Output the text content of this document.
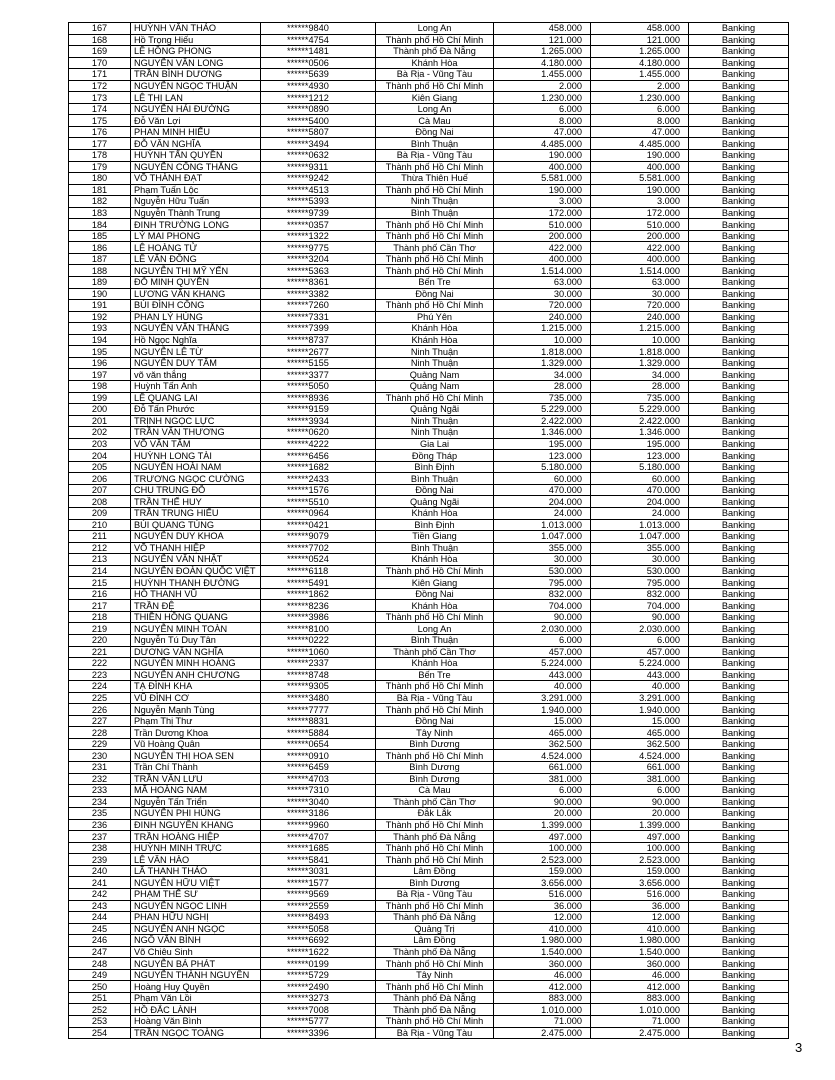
167	HUỲNH VĂN THẢO	******9840	Long An	458.000	458.000	Banking
168	Hồ Trọng Hiếu	******4754	Thành phố Hồ Chí Minh	121.000	121.000	Banking
169	LÊ HỒNG PHONG	******1481	Thành phố Đà Nẵng	1.265.000	1.265.000	Banking
170	NGUYỄN VĂN LONG	******0506	Khánh Hòa	4.180.000	4.180.000	Banking
171	TRẦN BÌNH DƯƠNG	******5639	Bà Rịa - Vũng Tàu	1.455.000	1.455.000	Banking
172	NGUYỄN NGỌC THUẬN	******4930	Thành phố Hồ Chí Minh	2.000	2.000	Banking
173	LÊ THỊ LAN	******1212	Kiên Giang	1.230.000	1.230.000	Banking
174	NGUYỄN HẢI ĐƯỜNG	******0890	Long An	6.000	6.000	Banking
175	Đỗ Văn Lợi	******5400	Cà Mau	8.000	8.000	Banking
176	PHAN MINH HIẾU	******5807	Đồng Nai	47.000	47.000	Banking
177	ĐỖ VĂN NGHĨA	******3494	Bình Thuận	4.485.000	4.485.000	Banking
178	HUỲNH TẤN QUYỀN	******0632	Bà Rịa - Vũng Tàu	190.000	190.000	Banking
179	NGUYỄN CÔNG THẮNG	******9311	Thành phố Hồ Chí Minh	400.000	400.000	Banking
180	VÕ THÀNH ĐẠT	******9242	Thừa Thiên Huế	5.581.000	5.581.000	Banking
181	Phạm Tuấn Lộc	******4513	Thành phố Hồ Chí Minh	190.000	190.000	Banking
182	Nguyễn Hữu Tuấn	******5393	Ninh Thuận	3.000	3.000	Banking
183	Nguyễn Thành Trung	******9739	Bình Thuận	172.000	172.000	Banking
184	ĐINH TRƯỜNG LONG	******0357	Thành phố Hồ Chí Minh	510.000	510.000	Banking
185	LÝ MAI PHONG	******1322	Thành phố Hồ Chí Minh	200.000	200.000	Banking
186	LÊ HOÀNG TỬ	******9775	Thành phố Cần Thơ	422.000	422.000	Banking
187	LÊ VĂN ĐÔNG	******3204	Thành phố Hồ Chí Minh	400.000	400.000	Banking
188	NGUYỄN THỊ MỸ YẾN	******5363	Thành phố Hồ Chí Minh	1.514.000	1.514.000	Banking
189	ĐỖ MINH QUYỀN	******8361	Bến Tre	63.000	63.000	Banking
190	LƯƠNG VĂN KHANG	******3382	Đồng Nai	30.000	30.000	Banking
191	BÙI ĐÌNH CÔNG	******7260	Thành phố Hồ Chí Minh	720.000	720.000	Banking
192	PHAN LÝ HÙNG	******7331	Phú Yên	240.000	240.000	Banking
193	NGUYỄN VĂN THẮNG	******7399	Khánh Hòa	1.215.000	1.215.000	Banking
194	Hồ Ngọc Nghĩa	******8737	Khánh Hòa	10.000	10.000	Banking
195	NGUYỄN LÊ TỪ	******2677	Ninh Thuận	1.818.000	1.818.000	Banking
196	NGUYỄN DUY TÂM	******5155	Ninh Thuận	1.329.000	1.329.000	Banking
197	võ văn thắng	******3377	Quảng Nam	34.000	34.000	Banking
198	Huỳnh Tấn Anh	******5050	Quảng Nam	28.000	28.000	Banking
199	LÊ QUANG LAI	******8936	Thành phố Hồ Chí Minh	735.000	735.000	Banking
200	Đỗ Tấn Phước	******9159	Quảng Ngãi	5.229.000	5.229.000	Banking
201	TRỊNH NGỌC LỰC	******3934	Ninh Thuận	2.422.000	2.422.000	Banking
202	TRẦN VĂN THƯƠNG	******0620	Ninh Thuận	1.346.000	1.346.000	Banking
203	VÕ VĂN TÂM	******4222	Gia Lai	195.000	195.000	Banking
204	HUỲNH LONG TÀI	******6456	Đồng Tháp	123.000	123.000	Banking
205	NGUYỄN HOÀI NAM	******1682	Bình Định	5.180.000	5.180.000	Banking
206	TRƯƠNG NGỌC CƯỜNG	******2433	Bình Thuận	60.000	60.000	Banking
207	CHU TRUNG ĐỖ	******1576	Đồng Nai	470.000	470.000	Banking
208	TRẦN THẾ HUY	******5510	Quảng Ngãi	204.000	204.000	Banking
209	TRẦN TRUNG HIẾU	******0964	Khánh Hòa	24.000	24.000	Banking
210	BÙI QUANG TÙNG	******0421	Bình Định	1.013.000	1.013.000	Banking
211	NGUYỄN DUY KHOA	******9079	Tiền Giang	1.047.000	1.047.000	Banking
212	VÕ THANH HIỆP	******7702	Bình Thuận	355.000	355.000	Banking
213	NGUYỄN VĂN NHẬT	******0524	Khánh Hòa	30.000	30.000	Banking
214	NGUYỄN ĐOÀN QUỐC VIỆT	******6118	Thành phố Hồ Chí Minh	530.000	530.000	Banking
215	HUỲNH THANH ĐƯỜNG	******5491	Kiên Giang	795.000	795.000	Banking
216	HỒ THANH VŨ	******1862	Đồng Nai	832.000	832.000	Banking
217	TRẦN ĐỆ	******8236	Khánh Hòa	704.000	704.000	Banking
218	THIỀN HỒNG QUANG	******3986	Thành phố Hồ Chí Minh	90.000	90.000	Banking
219	NGUYỄN MINH TOÀN	******8100	Long An	2.030.000	2.030.000	Banking
220	Nguyễn Tú Duy Tân	******0222	Bình Thuận	6.000	6.000	Banking
221	DƯƠNG VĂN NGHĨA	******1060	Thành phố Cần Thơ	457.000	457.000	Banking
222	NGUYỄN MINH HOÀNG	******2337	Khánh Hòa	5.224.000	5.224.000	Banking
223	NGUYỄN ANH CHƯƠNG	******8748	Bến Tre	443.000	443.000	Banking
224	TẠ ĐÌNH KHA	******9305	Thành phố Hồ Chí Minh	40.000	40.000	Banking
225	VŨ ĐÌNH CƠ	******3480	Bà Rịa - Vũng Tàu	3.291.000	3.291.000	Banking
226	Nguyễn Mạnh Tùng	******7777	Thành phố Hồ Chí Minh	1.940.000	1.940.000	Banking
227	Phạm Thị Thư	******8831	Đồng Nai	15.000	15.000	Banking
228	Trần Dương Khoa	******5884	Tây Ninh	465.000	465.000	Banking
229	Vũ Hoàng Quân	******0654	Bình Dương	362.500	362.500	Banking
230	NGUYỄN THỊ HOA SEN	******0910	Thành phố Hồ Chí Minh	4.524.000	4.524.000	Banking
231	Trần Chí Thành	******6459	Bình Dương	661.000	661.000	Banking
232	TRẦN VĂN LƯU	******4703	Bình Dương	381.000	381.000	Banking
233	MÃ HOÀNG NAM	******7310	Cà Mau	6.000	6.000	Banking
234	Nguyễn Tấn Triển	******3040	Thành phố Cần Thơ	90.000	90.000	Banking
235	NGUYỄN PHI HÙNG	******3186	Đắk Lắk	20.000	20.000	Banking
236	ĐINH NGUYÊN KHANG	******9960	Thành phố Hồ Chí Minh	1.399.000	1.399.000	Banking
237	TRẦN HOÀNG HIỆP	******4707	Thành phố Đà Nẵng	497.000	497.000	Banking
238	HUỲNH MINH TRỰC	******1685	Thành phố Hồ Chí Minh	100.000	100.000	Banking
239	LÊ VĂN HÀO	******5841	Thành phố Hồ Chí Minh	2.523.000	2.523.000	Banking
240	LÃ THANH THẢO	******3031	Lâm Đồng	159.000	159.000	Banking
241	NGUYỄN HỮU VIỆT	******1577	Bình Dương	3.656.000	3.656.000	Banking
242	PHẠM THẾ SƯ	******9569	Bà Rịa - Vũng Tàu	516.000	516.000	Banking
243	NGUYỄN NGỌC LINH	******2559	Thành phố Hồ Chí Minh	36.000	36.000	Banking
244	PHAN HỮU NGHỊ	******8493	Thành phố Đà Nẵng	12.000	12.000	Banking
245	NGUYỄN ANH NGỌC	******5058	Quảng Trị	410.000	410.000	Banking
246	NGÔ VĂN BÌNH	******6692	Lâm Đồng	1.980.000	1.980.000	Banking
247	Võ Chiêu Sinh	******1622	Thành phố Đà Nẵng	1.540.000	1.540.000	Banking
248	NGUYỄN BÁ PHÁT	******0199	Thành phố Hồ Chí Minh	360.000	360.000	Banking
249	NGUYỄN THÀNH NGUYÊN	******5729	Tây Ninh	46.000	46.000	Banking
250	Hoàng Huy Quyền	******2490	Thành phố Hồ Chí Minh	412.000	412.000	Banking
251	Phạm Văn Lồi	******3273	Thành phố Đà Nẵng	883.000	883.000	Banking
252	HỒ ĐẮC LÀNH	******7008	Thành phố Đà Nẵng	1.010.000	1.010.000	Banking
253	Hoàng Văn Bình	******5777	Thành phố Hồ Chí Minh	71.000	71.000	Banking
254	TRẦN NGỌC TOÀNG	******3396	Bà Rịa - Vũng Tàu	2.475.000	2.475.000	Banking
3
